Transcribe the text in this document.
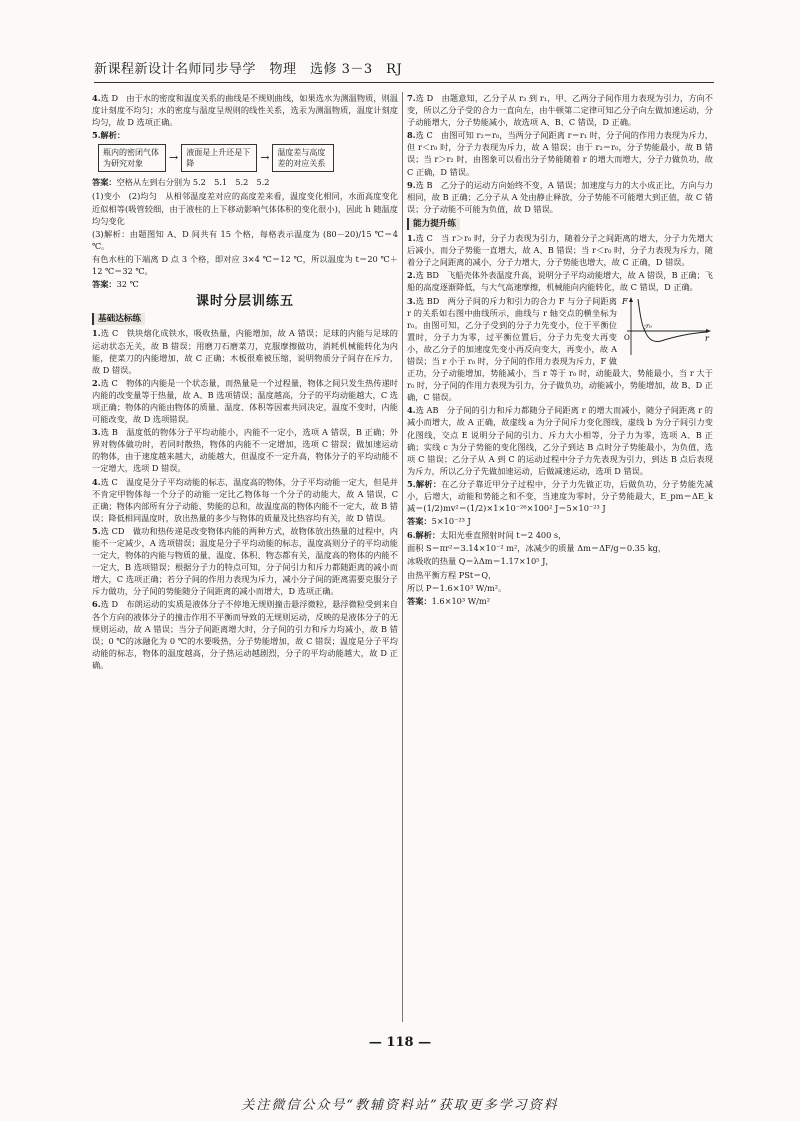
新课程新设计名师同步导学　物理　选修 3－3　RJ
4.选 D　由于水的密度和温度关系的曲线是不规则曲线，如果选水为测温物质，则温度计刻度不均匀；水的密度与温度呈规则的线性关系，选汞为测温物质，温度计刻度均匀，故 D 选项正确。
5.解析：
瓶内的密闭气体为研究对象	→	液面是上升还是下降	→	温度差与高度差的对应关系
答案：空格从左到右分别为 5.2　5.1　5.2　5.2
(1)变小　(2)均匀　从相邻温度差对应的高度差来看，温度变化相同，水面高度变化近似相等(吸管较细，由于液柱的上下移动影响气体体积的变化很小)，因此 h 随温度均匀变化
(3)解析：由题图知 A、D 间共有 15 个格，每格表示温度为 (80－20)/15 ℃＝4 ℃。
有色水柱的下端离 D 点 3 个格，即对应 3×4 ℃＝12 ℃，所以温度为 t＝20 ℃＋12 ℃＝32 ℃。
答案：32 ℃
课时分层训练五
基础达标练
1.选 C　铁块熔化成铁水，吸收热量，内能增加，故 A 错误；足球的内能与足球的运动状态无关，故 B 错误；用磨刀石磨菜刀，克服摩擦做功，消耗机械能转化为内能，使菜刀的内能增加，故 C 正确；木板很难被压缩，说明物质分子间存在斥力，故 D 错误。
2.选 C　物体的内能是一个状态量，而热量是一个过程量，物体之间只发生热传递时内能的改变量等于热量，故 A、B 选项错误；温度越高，分子的平均动能越大，C 选项正确；物体的内能由物体的质量、温度、体积等因素共同决定，温度不变时，内能可能改变，故 D 选项错误。
3.选 B　温度低的物体分子平均动能小，内能不一定小，选项 A 错误，B 正确；外界对物体做功时，若同时散热，物体的内能不一定增加，选项 C 错误；做加速运动的物体，由于速度越来越大，动能越大，但温度不一定升高，物体分子的平均动能不一定增大，选项 D 错误。
4.选 C　温度是分子平均动能的标志，温度高的物体，分子平均动能一定大，但是并不肯定甲物体每一个分子的动能一定比乙物体每一个分子的动能大，故 A 错误，C 正确；物体内部所有分子动能、势能的总和，故温度高的物体内能不一定大，故 B 错误；降低相同温度时，放出热量的多少与物体的质量及比热容均有关，故 D 错误。
5.选 CD　做功和热传递是改变物体内能的两种方式，故物体放出热量的过程中，内能不一定减少，A 选项错误；温度是分子平均动能的标志，温度高则分子的平均动能一定大，物体的内能与物质的量、温度、体积、物态都有关，温度高的物体的内能不一定大，B 选项错误；根据分子力的特点可知，分子间引力和斥力都随距离的减小而增大，C 选项正确；若分子间的作用力表现为斥力，减小分子间的距离需要克服分子斥力做功，分子间的势能随分子间距离的减小而增大，D 选项正确。
6.选 D　布朗运动的实质是液体分子不停地无规则撞击悬浮微粒，悬浮微粒受到来自各个方向的液体分子的撞击作用不平衡而导致的无规则运动，反映的是液体分子的无规则运动，故 A 错误；当分子间距离增大时，分子间的引力和斥力均减小，故 B 错误；0 ℃的冰融化为 0 ℃的水要吸热，分子势能增加，故 C 错误；温度是分子平均动能的标志，物体的温度越高，分子热运动越剧烈，分子的平均动能越大，故 D 正确。
7.选 D　由题意知，乙分子从 r₃ 到 r₁，甲、乙两分子间作用力表现为引力，方向不变，所以乙分子受的合力一直向左，由牛顿第二定律可知乙分子向左做加速运动，分子动能增大，分子势能减小，故选项 A、B、C 错误，D 正确。
8.选 C　由图可知 r₂＝r₀，当两分子间距离 r＝r₁ 时，分子间的作用力表现为斥力，但 r＜r₀ 时，分子力表现为斥力，故 A 错误；由于 r₂＝r₀，分子势能最小，故 B 错误；当 r＞r₂ 时，由图象可以看出分子势能随着 r 的增大而增大，分子力做负功，故 C 正确，D 错误。
9.选 B　乙分子的运动方向始终不变，A 错误；加速度与力的大小成正比，方向与力相同，故 B 正确；乙分子从 A 处由静止释放，分子势能不可能增大到正值，故 C 错误；分子动能不可能为负值，故 D 错误。
能力提升练
1.选 C　当 r＞r₀ 时，分子力表现为引力，随着分子之间距离的增大，分子力先增大后减小，而分子势能一直增大，故 A、B 错误；当 r＜r₀ 时，分子力表现为斥力，随着分子之间距离的减小，分子力增大，分子势能也增大，故 C 正确，D 错误。
2.选 BD　飞船壳体外表温度升高，说明分子平均动能增大，故 A 错误，B 正确；飞船的高度逐渐降低，与大气高速摩擦，机械能向内能转化，故 C 错误，D 正确。
F
r
O
r₀
3.选 BD　两分子间的斥力和引力的合力 F 与分子间距离 r 的关系如右图中曲线所示，曲线与 r 轴交点的横坐标为 r₀。由图可知，乙分子受到的分子力先变小，位于平衡位置时，分子力为零，过平衡位置后，分子力先变大再变小，故乙分子的加速度先变小再反向变大，再变小，故 A 错误；当 r 小于 r₀ 时，分子间的作用力表现为斥力，F 做正功，分子动能增加，势能减小，当 r 等于 r₀ 时，动能最大，势能最小，当 r 大于 r₀ 时，分子间的作用力表现为引力，分子做负功，动能减小，势能增加，故 B、D 正确，C 错误。
4.选 AB　分子间的引力和斥力都随分子间距离 r 的增大而减小，随分子间距离 r 的减小而增大，故 A 正确，故虚线 a 为分子间斥力变化图线，虚线 b 为分子间引力变化图线，交点 E 说明分子间的引力、斥力大小相等，分子力为零，选项 A、B 正确；实线 c 为分子势能的变化图线，乙分子到达 B 点时分子势能最小，为负值，选项 C 错误；乙分子从 A 到 C 的运动过程中分子力先表现为引力，到达 B 点后表现为斥力，所以乙分子先做加速运动，后做减速运动，选项 D 错误。
5.解析：在乙分子靠近甲分子过程中，分子力先做正功，后做负功，分子势能先减小，后增大，动能和势能之和不变，当速度为零时，分子势能最大，E_pm＝ΔE_k减＝(1/2)mv²＝(1/2)×1×10⁻²⁶×100² J＝5×10⁻²³ J
答案：5×10⁻²³ J
6.解析：太阳光垂直照射时间 t＝2 400 s，
面积 S＝πr²＝3.14×10⁻² m²，冰减少的质量 Δm＝ΔF/g＝0.35 kg，
冰吸收的热量 Q＝λΔm＝1.17×10⁵ J，
由热平衡方程 PSt＝Q，
所以 P＝1.6×10³ W/m²。
答案：1.6×10³ W/m²
— 118 —
关注微信公众号“教辅资料站”获取更多学习资料
